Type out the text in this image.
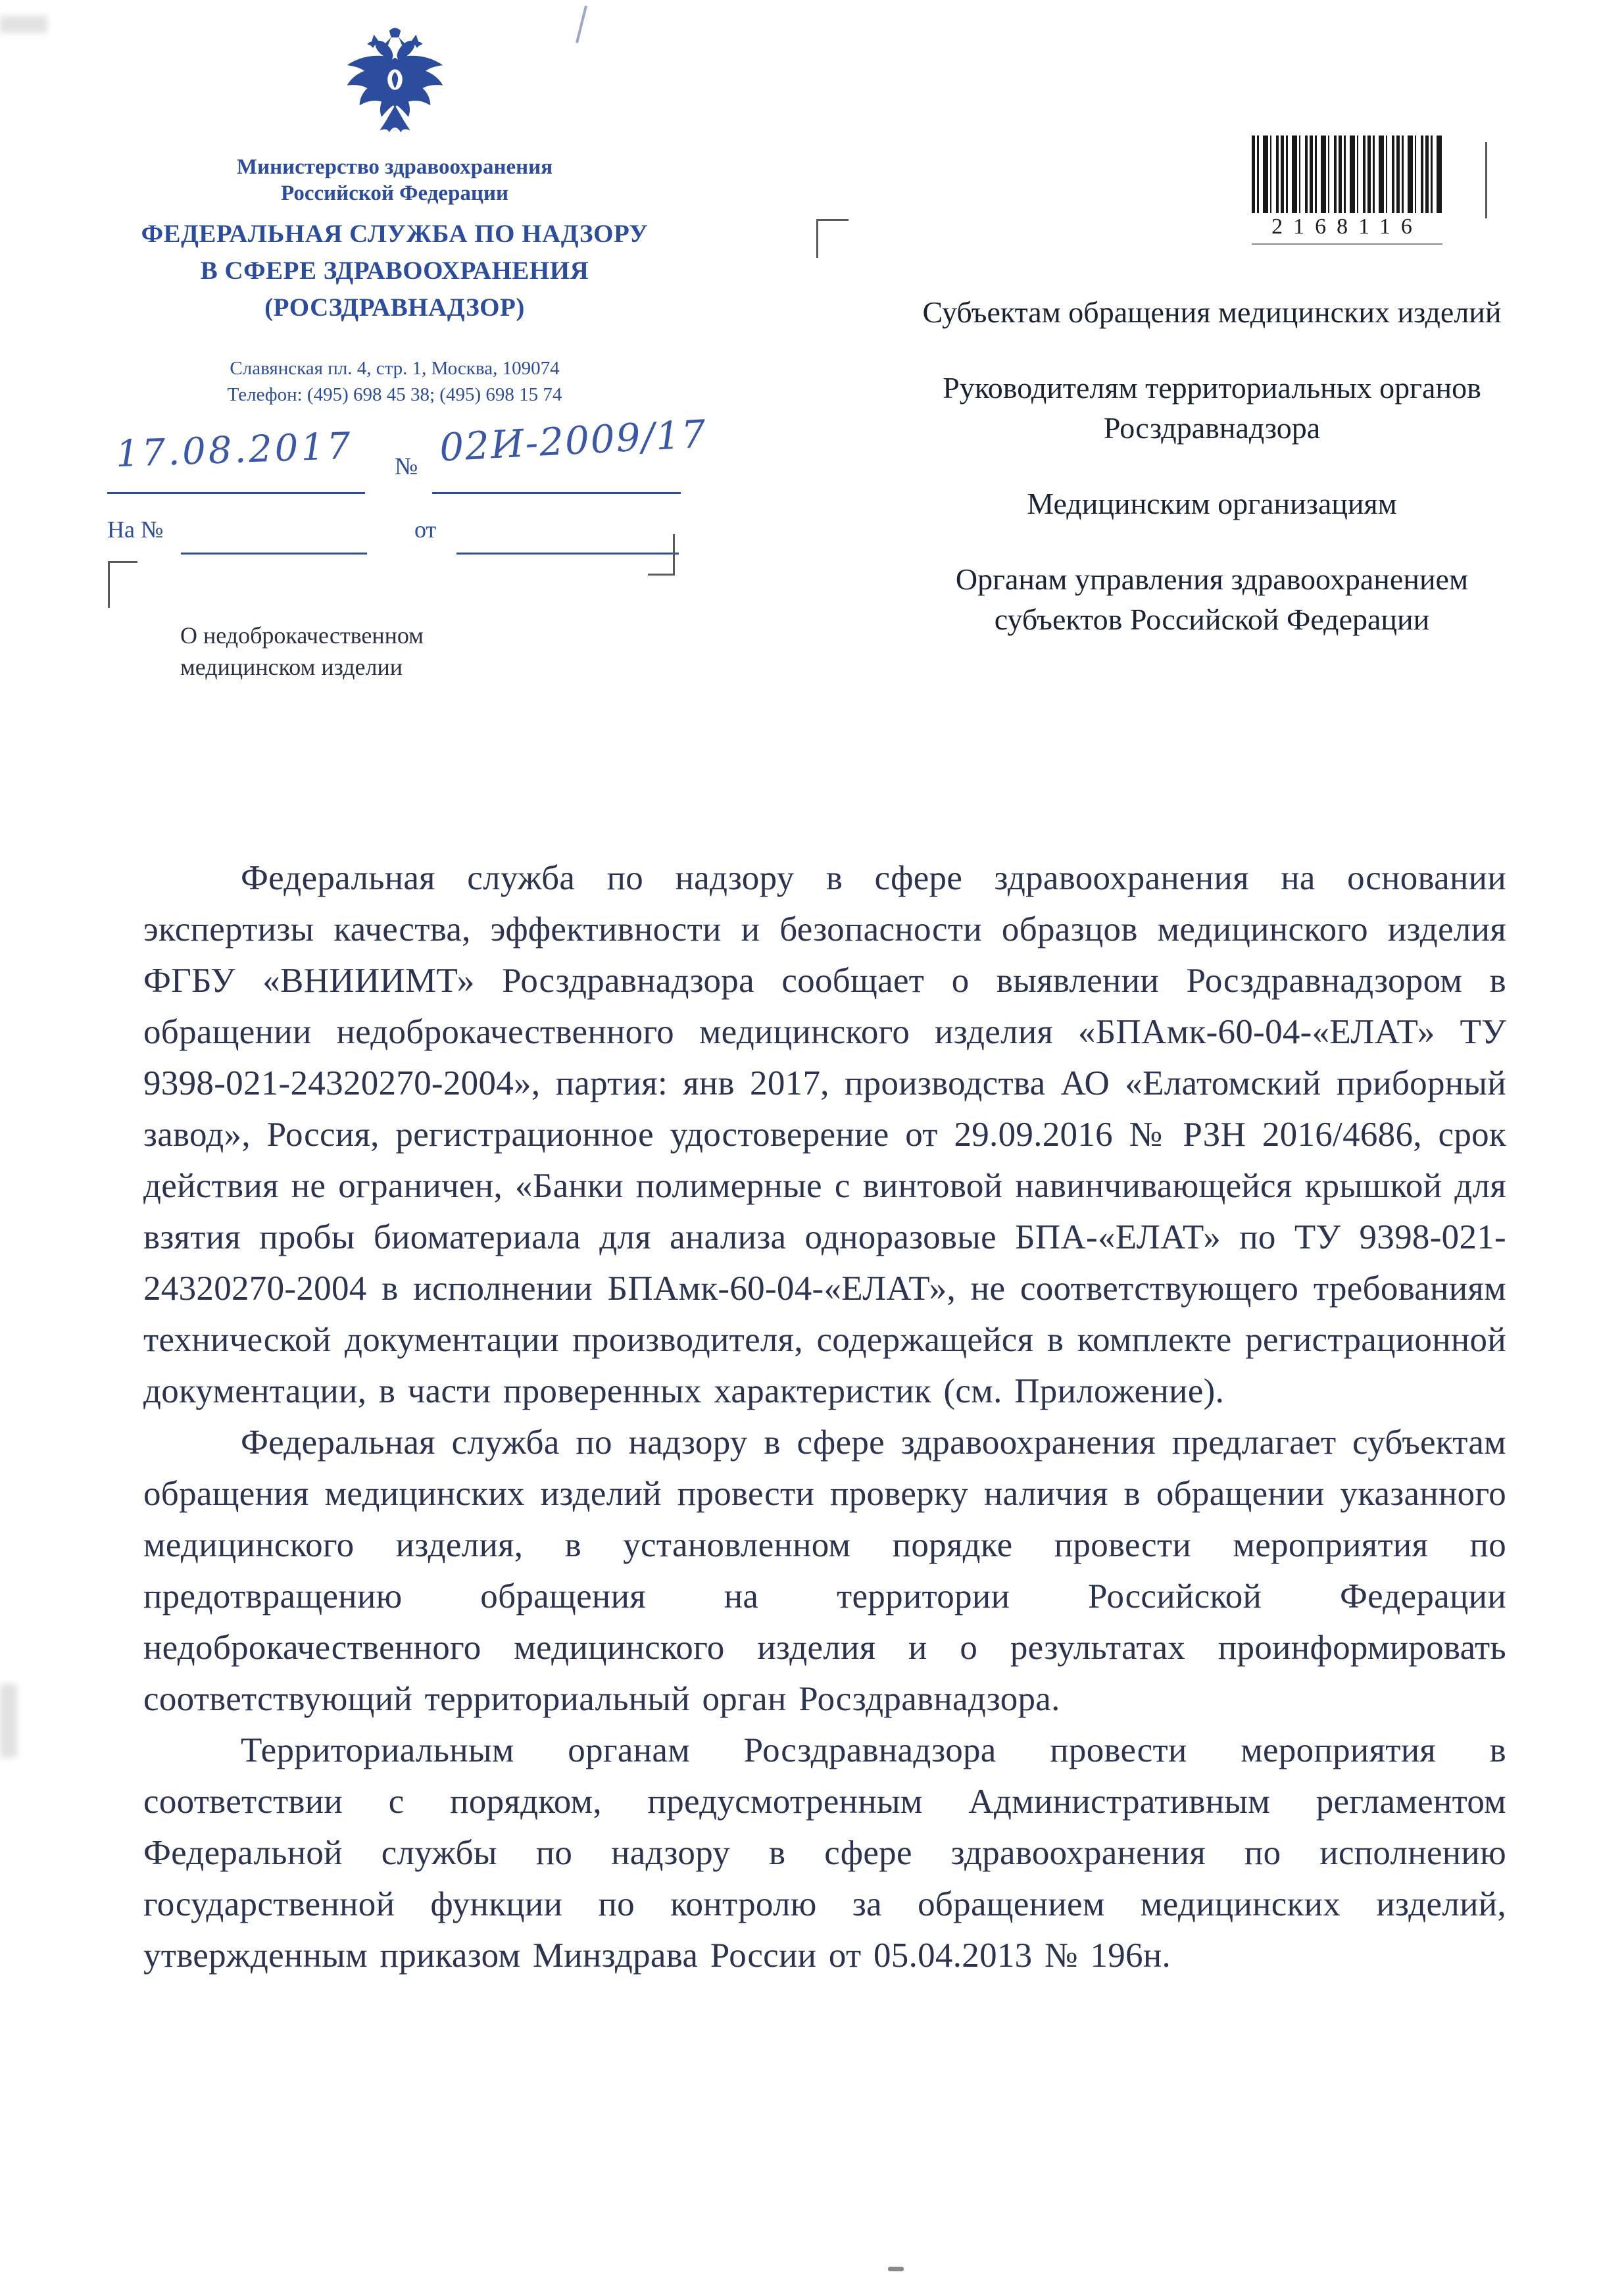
Министерство здравоохранения
Российской Федерации
ФЕДЕРАЛЬНАЯ СЛУЖБА ПО НАДЗОРУ
В СФЕРЕ ЗДРАВООХРАНЕНИЯ
(РОСЗДРАВНАДЗОР)
Славянская пл. 4, стр. 1, Москва, 109074
Телефон: (495) 698 45 38; (495) 698 15 74
17.08.2017 № 02И-2009/17
На №	от
О недоброкачественном
медицинском изделии
2168116
Субъектам обращения медицинских изделий
Руководителям территориальных органов Росздравнадзора
Медицинским организациям
Органам управления здравоохранением субъектов Российской Федерации

Федеральная служба по надзору в сфере здравоохранения на основании экспертизы качества, эффективности и безопасности образцов медицинского изделия ФГБУ «ВНИИИМТ» Росздравнадзора сообщает о выявлении Росздравнадзором в обращении недоброкачественного медицинского изделия «БПАмк-60-04-«ЕЛАТ» ТУ 9398-021-24320270-2004», партия: янв 2017, производства АО «Елатомский приборный завод», Россия, регистрационное удостоверение от 29.09.2016 № РЗН 2016/4686, срок действия не ограничен, «Банки полимерные с винтовой навинчивающейся крышкой для взятия пробы биоматериала для анализа одноразовые БПА-«ЕЛАТ» по ТУ 9398-021-24320270-2004 в исполнении БПАмк-60-04-«ЕЛАТ», не соответствующего требованиям технической документации производителя, содержащейся в комплекте регистрационной документации, в части проверенных характеристик (см. Приложение).

Федеральная служба по надзору в сфере здравоохранения предлагает субъектам обращения медицинских изделий провести проверку наличия в обращении указанного медицинского изделия, в установленном порядке провести мероприятия по предотвращению обращения на территории Российской Федерации недоброкачественного медицинского изделия и о результатах проинформировать соответствующий территориальный орган Росздравнадзора.

Территориальным органам Росздравнадзора провести мероприятия в соответствии с порядком, предусмотренным Административным регламентом Федеральной службы по надзору в сфере здравоохранения по исполнению государственной функции по контролю за обращением медицинских изделий, утвержденным приказом Минздрава России от 05.04.2013 № 196н.
